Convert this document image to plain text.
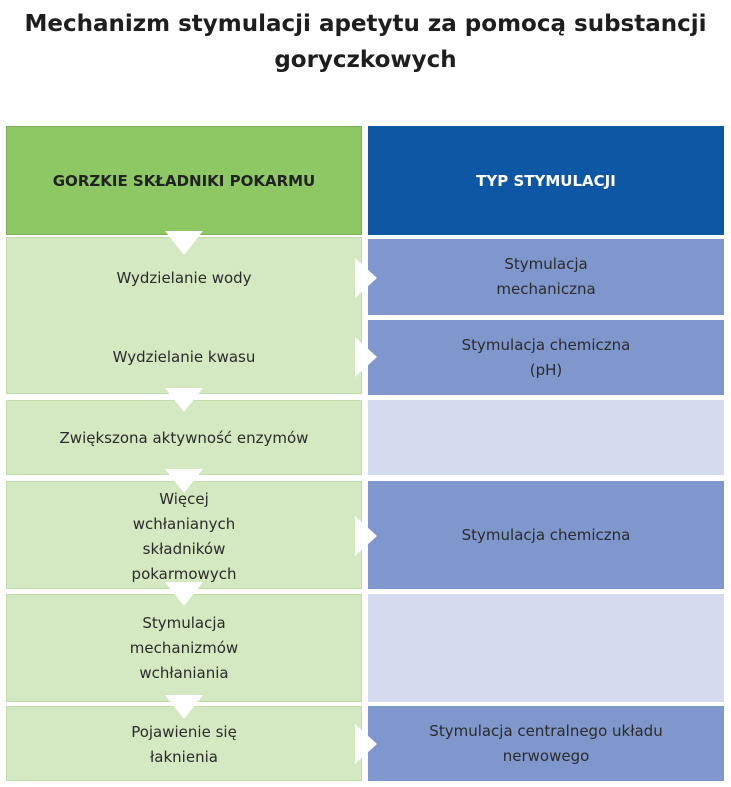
Mechanizm stymulacji apetytu za pomocą substancji goryczkowych
GORZKIE SKŁADNIKI POKARMU	TYP STYMULACJI
Wydzielanie wody
Wydzielanie kwasu
Zwiększona aktywność enzymów
Więcej wchłanianych składników pokarmowych
Stymulacja mechanizmów wchłaniania
Pojawienie się łaknienia
Stymulacja mechaniczna
Stymulacja chemiczna (pH)
Stymulacja chemiczna
Stymulacja centralnego układu nerwowego
